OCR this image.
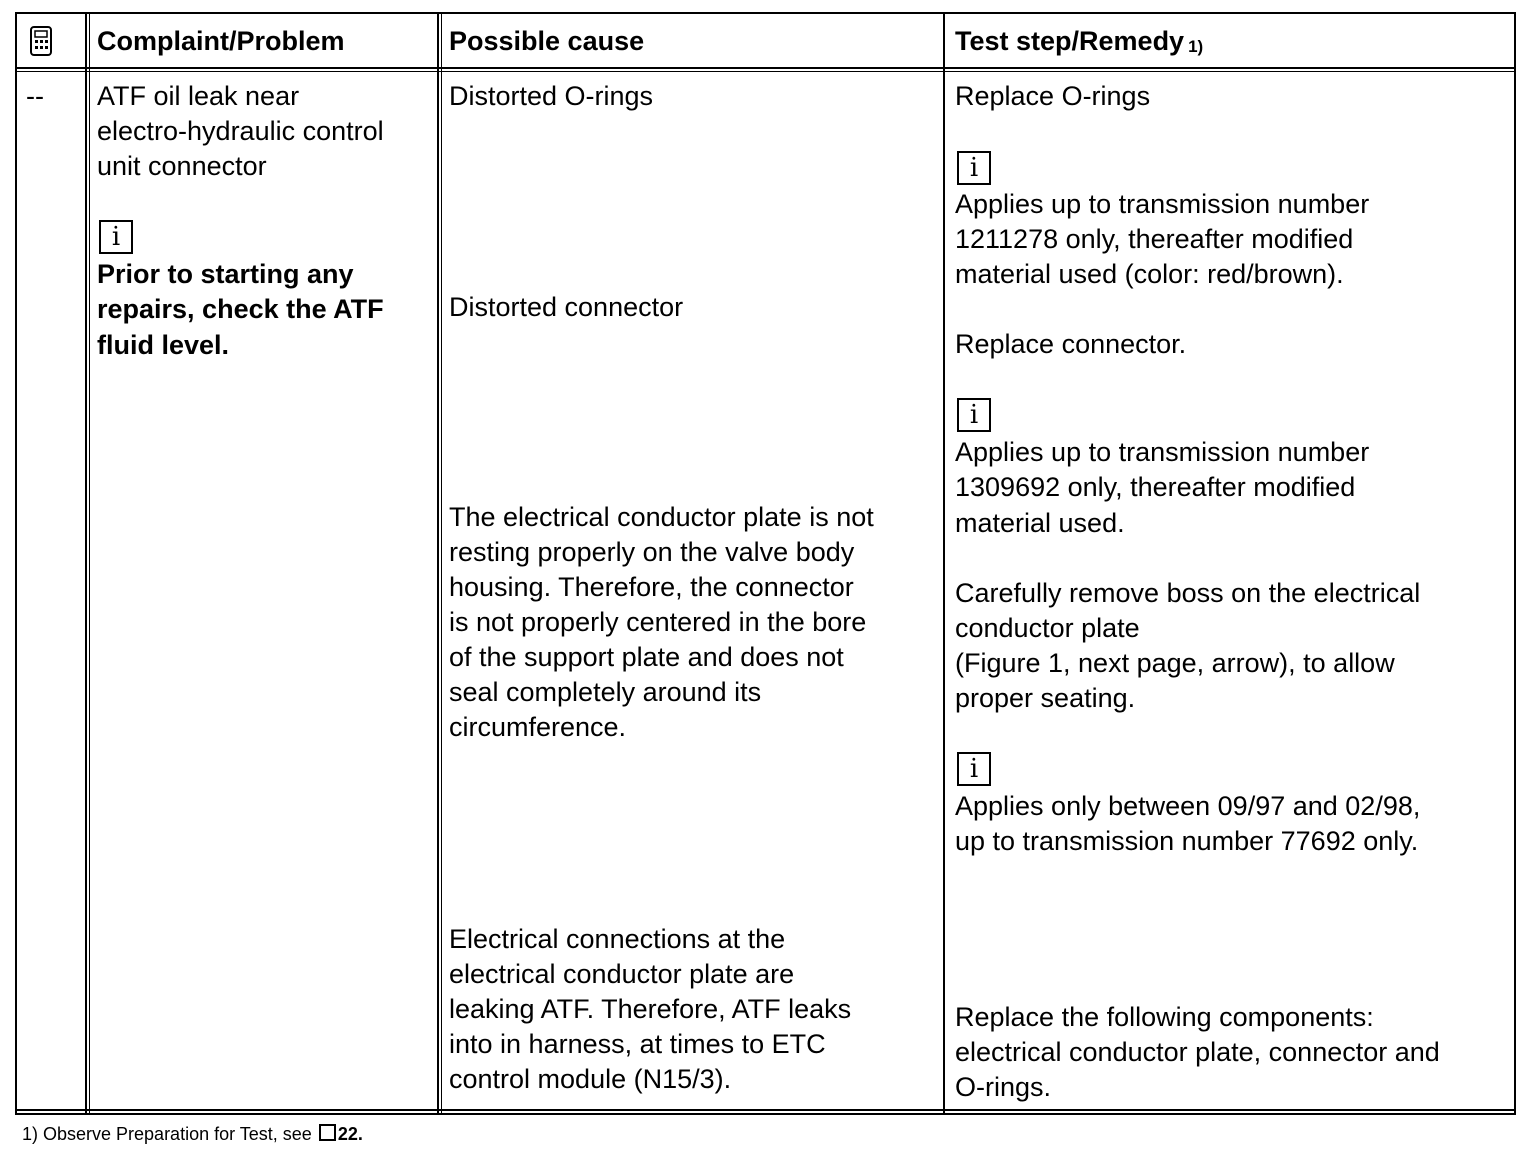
Complaint/Problem	Possible cause	Test step/Remedy 1)
-- ATF oil leak near
electro-hydraulic control
unit connector
i
Prior to starting any
repairs, check the ATF
fluid level.
Distorted O-rings
Distorted connector
The electrical conductor plate is not
resting properly on the valve body
housing. Therefore, the connector
is not properly centered in the bore
of the support plate and does not
seal completely around its
circumference.
Electrical connections at the
electrical conductor plate are
leaking ATF. Therefore, ATF leaks
into in harness, at times to ETC
control module (N15/3).
Replace O-rings
i
Applies up to transmission number
1211278 only, thereafter modified
material used (color: red/brown).
Replace connector.
i
Applies up to transmission number
1309692 only, thereafter modified
material used.
Carefully remove boss on the electrical
conductor plate
(Figure 1, next page, arrow), to allow
proper seating.
i
Applies only between 09/97 and 02/98,
up to transmission number 77692 only.
Replace the following components:
electrical conductor plate, connector and
O-rings.
1) Observe Preparation for Test, see 22.
